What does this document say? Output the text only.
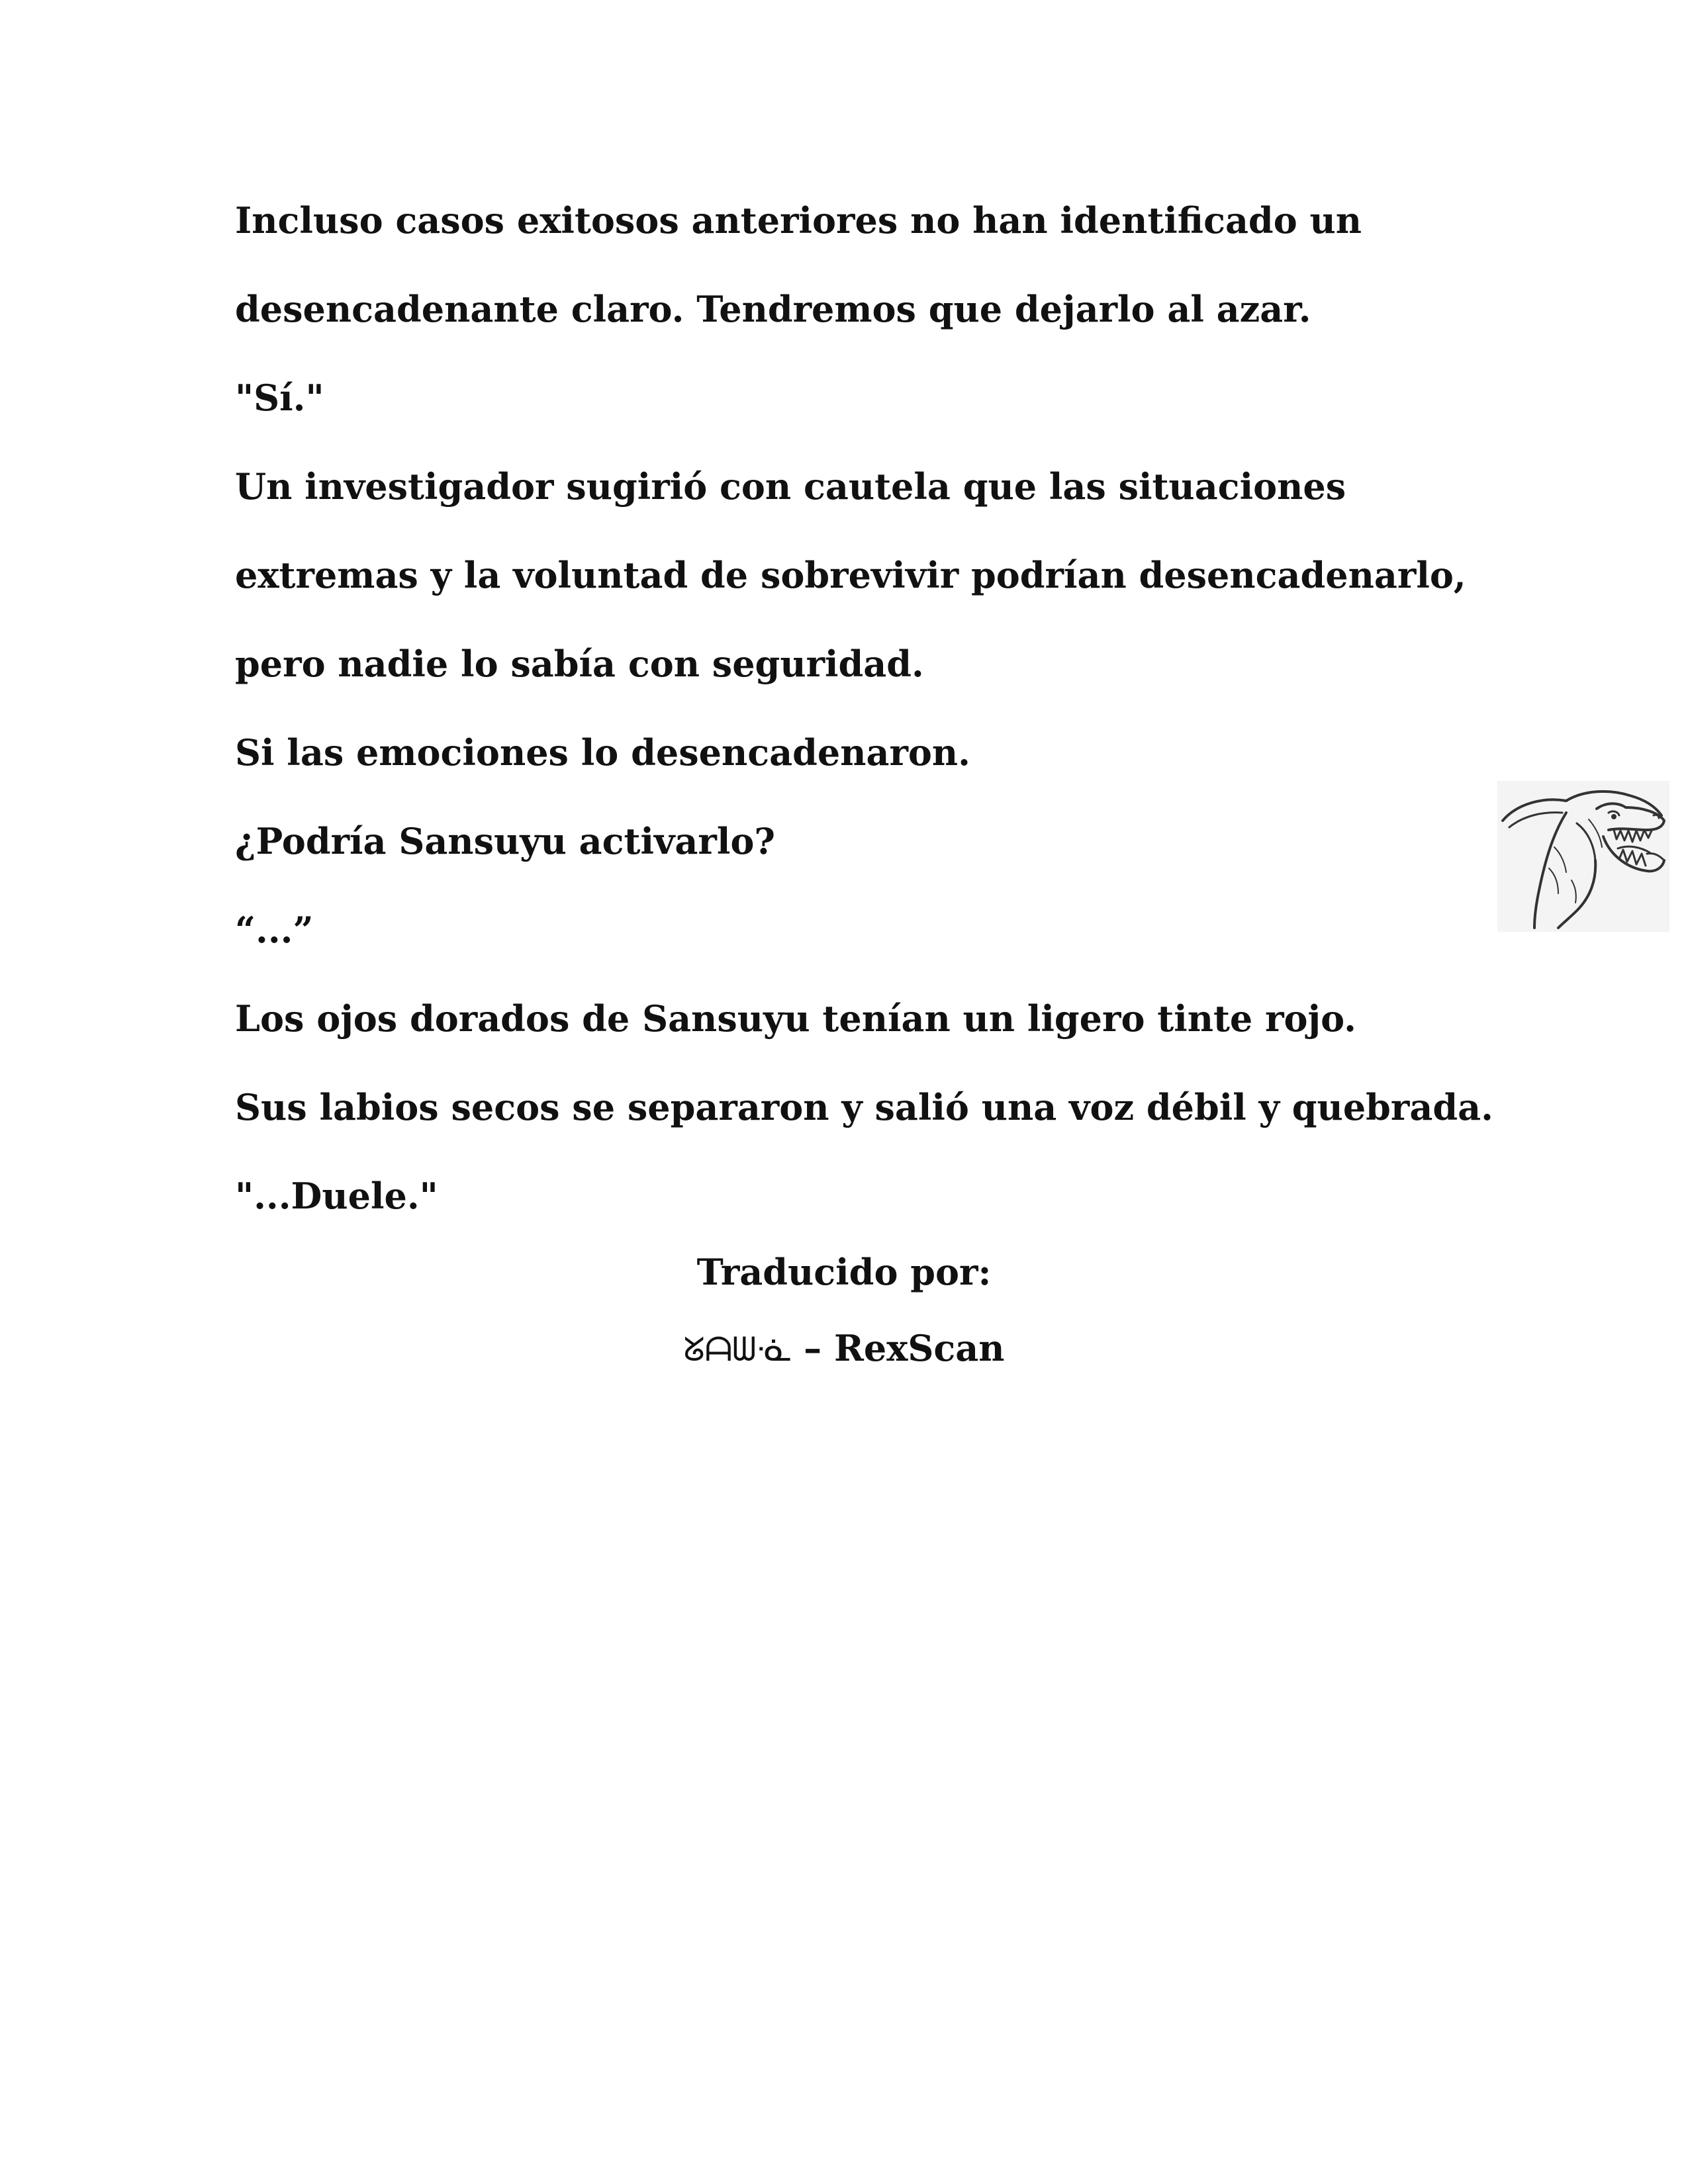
Incluso casos exitosos anteriores no han identificado un
desencadenante claro. Tendremos que dejarlo al azar.
"Sí."
Un investigador sugirió con cautela que las situaciones
extremas y la voluntad de sobrevivir podrían desencadenarlo,
pero nadie lo sabía con seguridad.
Si las emociones lo desencadenaron.
¿Podría Sansuyu activarlo?
“...”
Los ojos dorados de Sansuyu tenían un ligero tinte rojo.
Sus labios secos se separaron y salió una voz débil y quebrada.
"...Duele."
Traducido por:
ᘜᗩᗯᓍ – RexScan
